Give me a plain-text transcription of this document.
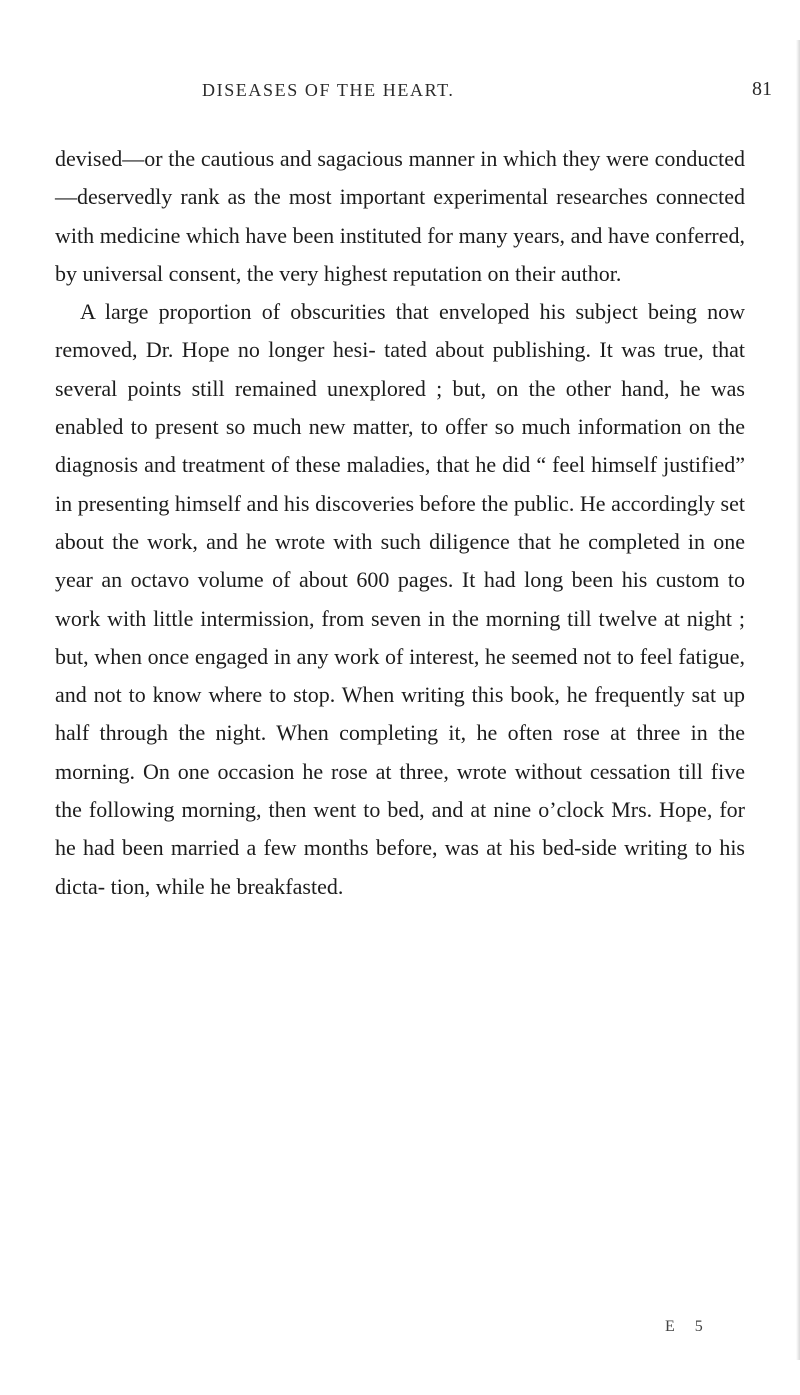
DISEASES OF THE HEART.	81

devised—or the cautious and sagacious manner in which they were conducted—deservedly rank as the most important experimental researches connected with medicine which have been instituted for many years, and have conferred, by universal consent, the very highest reputation on their author.

A large proportion of obscurities that enveloped his subject being now removed, Dr. Hope no longer hesi- tated about publishing. It was true, that several points still remained unexplored ; but, on the other hand, he was enabled to present so much new matter, to offer so much information on the diagnosis and treatment of these maladies, that he did “ feel himself justified” in presenting himself and his discoveries before the public. He accordingly set about the work, and he wrote with such diligence that he completed in one year an octavo volume of about 600 pages. It had long been his custom to work with little intermission, from seven in the morning till twelve at night ; but, when once engaged in any work of interest, he seemed not to feel fatigue, and not to know where to stop. When writing this book, he frequently sat up half through the night. When completing it, he often rose at three in the morning. On one occasion he rose at three, wrote without cessation till five the following morning, then went to bed, and at nine o’clock Mrs. Hope, for he had been married a few months before, was at his bed-side writing to his dicta- tion, while he breakfasted.

E 5
